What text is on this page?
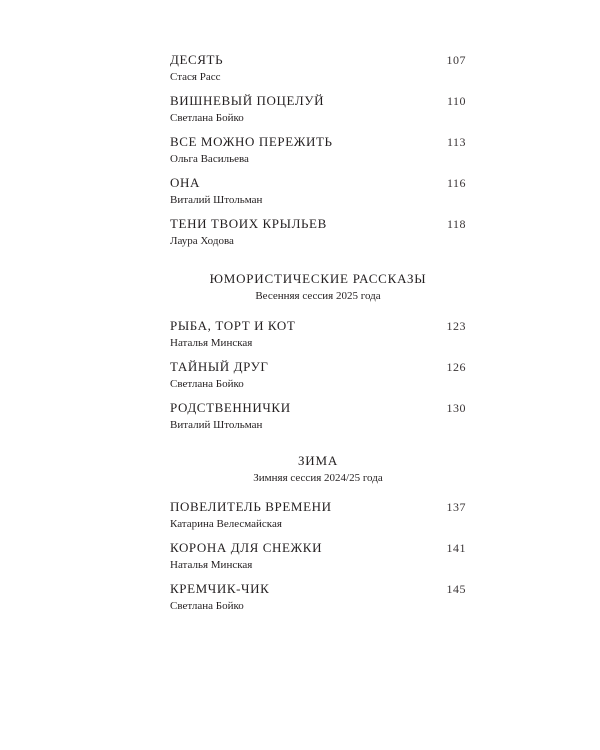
ДЕСЯТЬ
Стася Расс
107
ВИШНЕВЫЙ ПОЦЕЛУЙ
Светлана Бойко
110
ВСЕ МОЖНО ПЕРЕЖИТЬ
Ольга Васильева
113
ОНА
Виталий Штольман
116
ТЕНИ ТВОИХ КРЫЛЬЕВ
Лаура Ходова
118
ЮМОРИСТИЧЕСКИЕ РАССКАЗЫ
Весенняя сессия 2025 года
РЫБА, ТОРТ И КОТ
Наталья Минская
123
ТАЙНЫЙ ДРУГ
Светлана Бойко
126
РОДСТВЕННИЧКИ
Виталий Штольман
130
ЗИМА
Зимняя сессия 2024/25 года
ПОВЕЛИТЕЛЬ ВРЕМЕНИ
Катарина Велесмайская
137
КОРОНА ДЛЯ СНЕЖКИ
Наталья Минская
141
КРЕМЧИК-ЧИК
Светлана Бойко
145
